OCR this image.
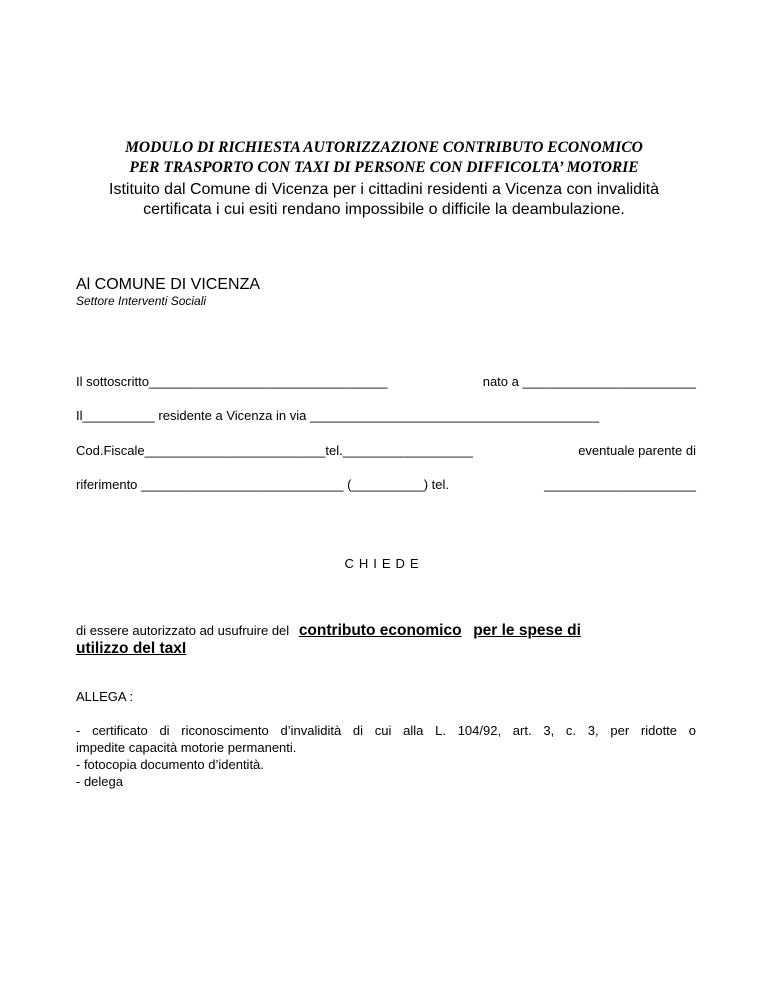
MODULO DI RICHIESTA AUTORIZZAZIONE CONTRIBUTO ECONOMICO
PER TRASPORTO CON TAXI DI PERSONE CON DIFFICOLTA’ MOTORIE
Istituito dal Comune di Vicenza per i cittadini residenti a Vicenza con invalidità
certificata i cui esiti rendano impossibile o difficile la deambulazione.
Al COMUNE DI VICENZA
Settore Interventi Sociali
Il sottoscritto_________________________________	nato a ________________________
Il__________ residente a Vicenza in via ________________________________________
Cod.Fiscale_________________________tel.__________________	eventuale parente di
riferimento ____________________________ (__________) tel.	_____________________
CHIEDE
di essere autorizzato ad usufruire del contributo economico per le spese di
utilizzo del taxI
ALLEGA :
- certificato di riconoscimento d’invalidità di cui alla L. 104/92, art. 3, c. 3, per ridotte o
impedite capacità motorie permanenti.
- fotocopia documento d’identità.
- delega
